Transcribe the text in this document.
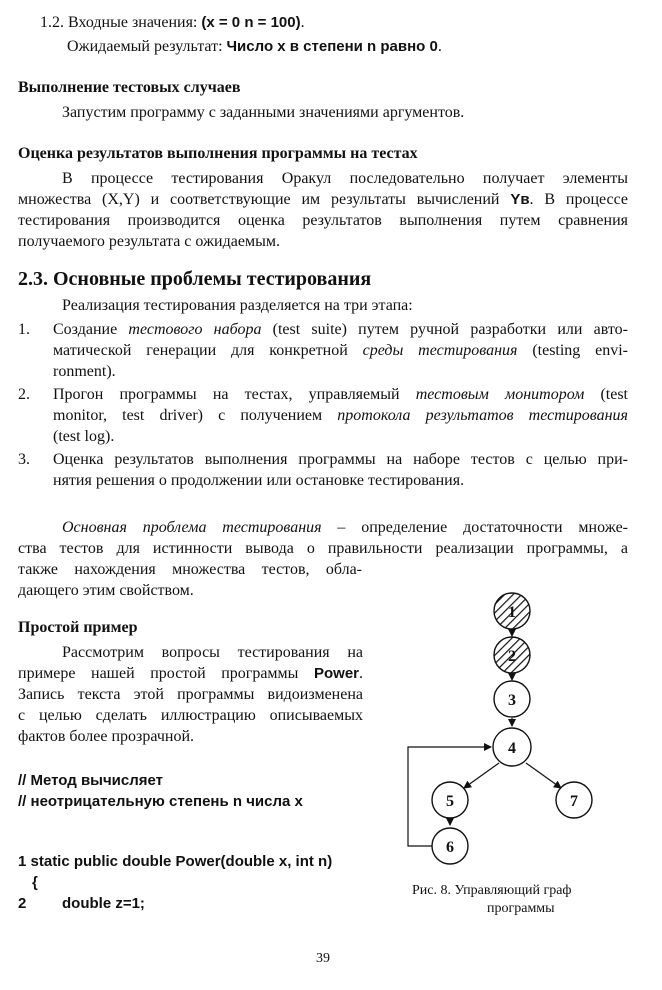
1.2. Входные значения: (x = 0 n = 100).
Ожидаемый результат: Число x в степени n равно 0.
Выполнение тестовых случаев
Запустим программу с заданными значениями аргументов.
Оценка результатов выполнения программы на тестах
В процессе тестирования Оракул последовательно получает элементы
множества (X,Y) и соответствующие им результаты вычислений Yв. В процессе
тестирования производится оценка результатов выполнения путем сравнения
получаемого результата с ожидаемым.
2.3. Основные проблемы тестирования
Реализация тестирования разделяется на три этапа:
1. Создание тестового набора (test suite) путем ручной разработки или авто-
матической генерации для конкретной среды тестирования (testing envi-
ronment).
2. Прогон программы на тестах, управляемый тестовым монитором (test
monitor, test driver) с получением протокола результатов тестирования
(test log).
3. Оценка результатов выполнения программы на наборе тестов с целью при-
нятия решения о продолжении или остановке тестирования.
Основная проблема тестирования – определение достаточности множе-
ства тестов для истинности вывода о правильности реализации программы, а
также нахождения множества тестов, обла-
дающего этим свойством.
Простой пример
Рассмотрим вопросы тестирования на
примере нашей простой программы Power.
Запись текста этой программы видоизменена
с целью сделать иллюстрацию описываемых
фактов более прозрачной.
// Метод вычисляет
// неотрицательную степень n числа x
1 static public double Power(double x, int n)
{
2 double z=1;
1
2
3
4
5
6
7
Рис. 8. Управляющий граф
программы
39
